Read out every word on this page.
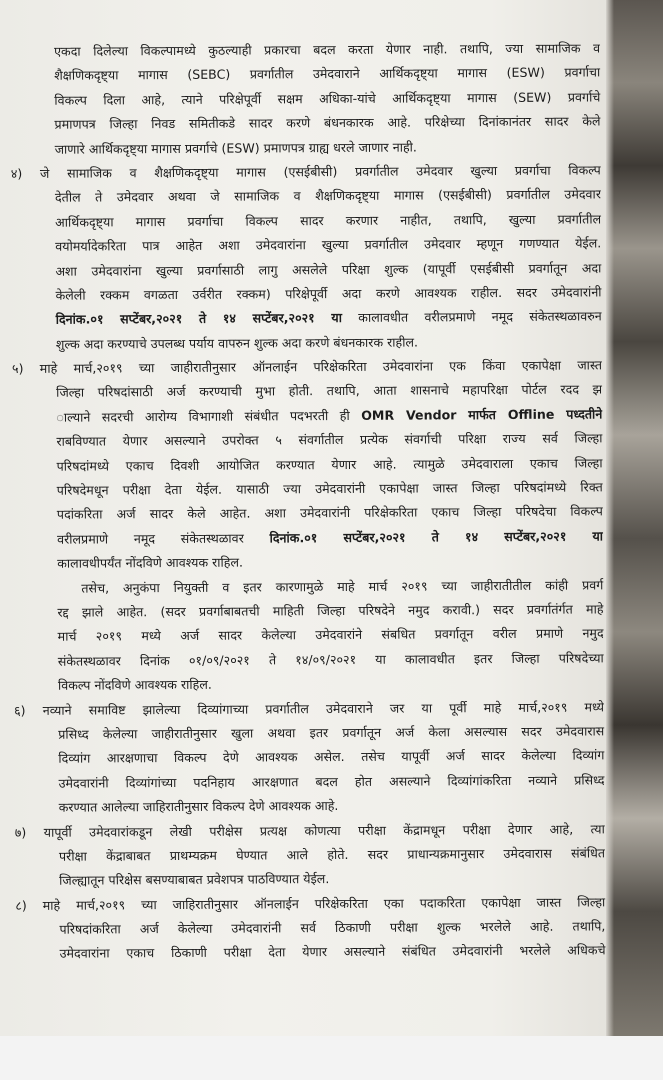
एकदा दिलेल्या विकल्पामध्ये कुठल्याही प्रकारचा बदल करता येणार नाही. तथापि, ज्या सामाजिक व
शैक्षणिकदृष्ट्या मागास (SEBC) प्रवर्गातील उमेदवाराने आर्थिकदृष्ट्या मागास (ESW) प्रवर्गाचा
विकल्प दिला आहे, त्याने परिक्षेपूर्वी सक्षम अधिका-यांचे आर्थिकदृष्ट्या मागास (SEW) प्रवर्गाचे
प्रमाणपत्र जिल्हा निवड समितीकडे सादर करणे बंधनकारक आहे. परिक्षेच्या दिनांकानंतर सादर केले
जाणारे आर्थिकदृष्ट्या मागास प्रवर्गाचे (ESW) प्रमाणपत्र ग्राह्य धरले जाणार नाही.
४) जे सामाजिक व शैक्षणिकदृष्ट्या मागास (एसईबीसी) प्रवर्गातील उमेदवार खुल्या प्रवर्गाचा विकल्प
देतील ते उमेदवार अथवा जे सामाजिक व शैक्षणिकदृष्ट्या मागास (एसईबीसी) प्रवर्गातील उमेदवार
आर्थिकदृष्ट्या मागास प्रवर्गाचा विकल्प सादर करणार नाहीत, तथापि, खुल्या प्रवर्गातील
वयोमर्यादेकरिता पात्र आहेत अशा उमेदवारांना खुल्या प्रवर्गातील उमेदवार म्हणून गणण्यात येईल.
अशा उमेदवारांना खुल्या प्रवर्गासाठी लागु असलेले परिक्षा शुल्क (यापूर्वी एसईबीसी प्रवर्गातून अदा
केलेली रक्कम वगळता उर्वरीत रक्कम) परिक्षेपूर्वी अदा करणे आवश्यक राहील. सदर उमेदवारांनी
दिनांक.०१ सप्टेंबर,२०२१ ते १४ सप्टेंबर,२०२१ या कालावधीत वरीलप्रमाणे नमूद संकेतस्थळावरुन
शुल्क अदा करण्याचे उपलब्ध पर्याय वापरुन शुल्क अदा करणे बंधनकारक राहील.
५) माहे मार्च,२०१९ च्या जाहीरातीनुसार ऑनलाईन परिक्षेकरिता उमेदवारांना एक किंवा एकापेक्षा जास्त
जिल्हा परिषदांसाठी अर्ज करण्याची मुभा होती. तथापि, आता शासनाचे महापरिक्षा पोर्टल रदद झ
ाल्याने सदरची आरोग्य विभागाशी संबंधीत पदभरती ही OMR Vendor मार्फत Offline पध्दतीने
राबविण्यात येणार असल्याने उपरोक्त ५ संवर्गातील प्रत्येक संवर्गाची परिक्षा राज्य सर्व जिल्हा
परिषदांमध्ये एकाच दिवशी आयोजित करण्यात येणार आहे. त्यामुळे उमेदवाराला एकाच जिल्हा
परिषदेमधून परीक्षा देता येईल. यासाठी ज्या उमेदवारांनी एकापेक्षा जास्त जिल्हा परिषदांमध्ये रिक्त
पदांकरिता अर्ज सादर केले आहेत. अशा उमेदवारांनी परिक्षेकरिता एकाच जिल्हा परिषदेचा विकल्प
वरीलप्रमाणे नमूद संकेतस्थळावर दिनांक.०१ सप्टेंबर,२०२१ ते १४ सप्टेंबर,२०२१ या
कालावधीपर्यंत नोंदविणे आवश्यक राहिल.
तसेच, अनुकंपा नियुक्ती व इतर कारणामुळे माहे मार्च २०१९ च्या जाहीरातीतील कांही प्रवर्ग
रद्द झाले आहेत. (सदर प्रवर्गाबाबतची माहिती जिल्हा परिषदेने नमुद करावी.) सदर प्रवर्गातंर्गत माहे
मार्च २०१९ मध्ये अर्ज सादर केलेल्या उमेदवारांने संबधित प्रवर्गातून वरील प्रमाणे नमुद
संकेतस्थळावर दिनांक ०१/०९/२०२१ ते १४/०९/२०२१ या कालावधीत इतर जिल्हा परिषदेच्या
विकल्प नोंदविणे आवश्यक राहिल.
६) नव्याने समाविष्ट झालेल्या दिव्यांगाच्या प्रवर्गातील उमेदवाराने जर या पूर्वी माहे मार्च,२०१९ मध्ये
प्रसिध्द केलेल्या जाहीरातीनुसार खुला अथवा इतर प्रवर्गातून अर्ज केला असल्यास सदर उमेदवारास
दिव्यांग आरक्षणाचा विकल्प देणे आवश्यक असेल. तसेच यापूर्वी अर्ज सादर केलेल्या दिव्यांग
उमेदवारांनी दिव्यांगांच्या पदनिहाय आरक्षणात बदल होत असल्याने दिव्यांगांकरिता नव्याने प्रसिध्द
करण्यात आलेल्या जाहिरातीनुसार विकल्प देणे आवश्यक आहे.
७) यापूर्वी उमेदवारांकडून लेखी परीक्षेस प्रत्यक्ष कोणत्या परीक्षा केंद्रामधून परीक्षा देणार आहे, त्या
परीक्षा केंद्राबाबत प्राथम्यक्रम घेण्यात आले होते. सदर प्राधान्यक्रमानुसार उमेदवारास संबंधित
जिल्ह्यातून परिक्षेस बसण्याबाबत प्रवेशपत्र पाठविण्यात येईल.
८) माहे मार्च,२०१९ च्या जाहिरातीनुसार ऑनलाईन परिक्षेकरिता एका पदाकरिता एकापेक्षा जास्त जिल्हा
परिषदांकरिता अर्ज केलेल्या उमेदवारांनी सर्व ठिकाणी परीक्षा शुल्क भरलेले आहे. तथापि,
उमेदवारांना एकाच ठिकाणी परीक्षा देता येणार असल्याने संबंधित उमेदवारांनी भरलेले अधिकचे
